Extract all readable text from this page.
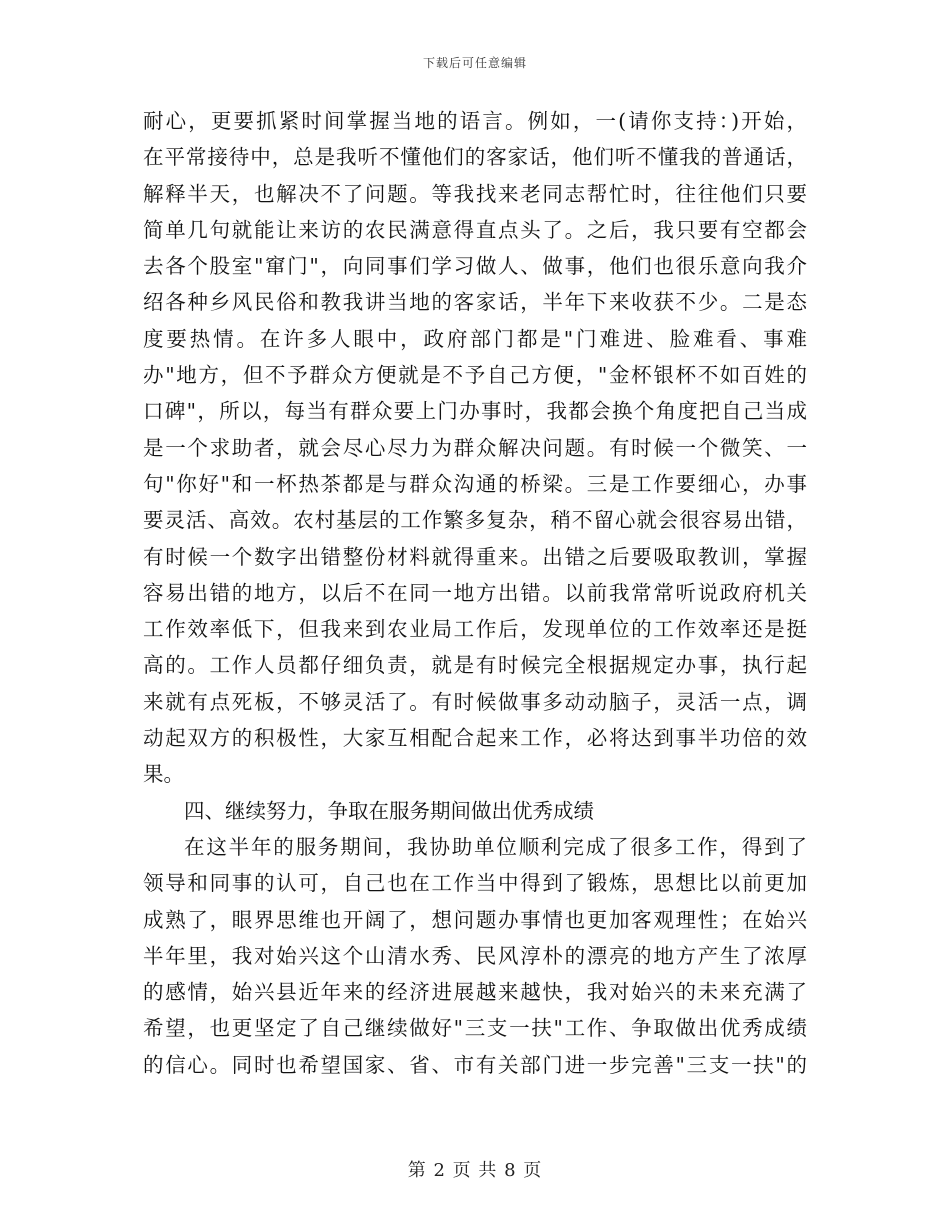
下载后可任意编辑
耐心，更要抓紧时间掌握当地的语言。例如，一(请你支持：)开始，
在平常接待中，总是我听不懂他们的客家话，他们听不懂我的普通话，
解释半天，也解决不了问题。等我找来老同志帮忙时，往往他们只要
简单几句就能让来访的农民满意得直点头了。之后，我只要有空都会
去各个股室"窜门"，向同事们学习做人、做事，他们也很乐意向我介
绍各种乡风民俗和教我讲当地的客家话，半年下来收获不少。二是态
度要热情。在许多人眼中，政府部门都是"门难进、脸难看、事难
办"地方，但不予群众方便就是不予自己方便，"金杯银杯不如百姓的
口碑"，所以，每当有群众要上门办事时，我都会换个角度把自己当成
是一个求助者，就会尽心尽力为群众解决问题。有时候一个微笑、一
句"你好"和一杯热茶都是与群众沟通的桥梁。三是工作要细心，办事
要灵活、高效。农村基层的工作繁多复杂，稍不留心就会很容易出错，
有时候一个数字出错整份材料就得重来。出错之后要吸取教训，掌握
容易出错的地方，以后不在同一地方出错。以前我常常听说政府机关
工作效率低下，但我来到农业局工作后，发现单位的工作效率还是挺
高的。工作人员都仔细负责，就是有时候完全根据规定办事，执行起
来就有点死板，不够灵活了。有时候做事多动动脑子，灵活一点，调
动起双方的积极性，大家互相配合起来工作，必将达到事半功倍的效
果。
四、继续努力，争取在服务期间做出优秀成绩
在这半年的服务期间，我协助单位顺利完成了很多工作，得到了
领导和同事的认可，自己也在工作当中得到了锻炼，思想比以前更加
成熟了，眼界思维也开阔了，想问题办事情也更加客观理性；在始兴
半年里，我对始兴这个山清水秀、民风淳朴的漂亮的地方产生了浓厚
的感情，始兴县近年来的经济进展越来越快，我对始兴的未来充满了
希望，也更坚定了自己继续做好"三支一扶"工作、争取做出优秀成绩
的信心。同时也希望国家、省、市有关部门进一步完善"三支一扶"的
第 2 页 共 8 页
